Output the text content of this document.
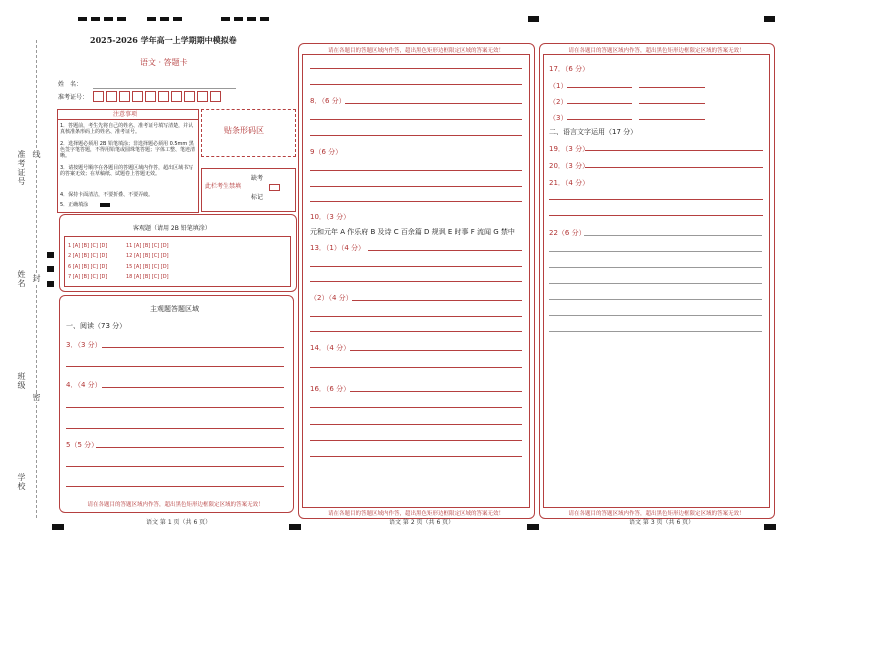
准考证号
姓名
班级
学校
线
封
密
2025-2026 学年高一上学期期中模拟卷
语文 · 答题卡
姓　名：
准考证号：
注意事项
1．答题前，考生先将自己的姓名、准考证号填写清楚，并认真核准条形码上的姓名、准考证号。
2．选择题必须用 2B 铅笔填涂；非选择题必须用 0.5mm 黑色签字笔答题，不得用铅笔或圆珠笔答题；字体工整、笔迹清晰。
3．请按题号顺序在各题目的答题区域内作答，超出区域书写的答案无效；在草稿纸、试题卷上答题无效。
4．保持卡面清洁，不要折叠、不要弄破。
5．正确填涂
贴条形码区
此栏考生禁填
缺考
标记
客观题（请用 2B 铅笔填涂）
1 [A] [B] [C] [D]	11 [A] [B] [C] [D]
2 [A] [B] [C] [D]	12 [A] [B] [C] [D]
6 [A] [B] [C] [D]	15 [A] [B] [C] [D]
7 [A] [B] [C] [D]	18 [A] [B] [C] [D]
主观题答题区域
一、阅读（73 分）
3．（3 分）
4．（4 分）
5（5 分）
请在各题目的答题区域内作答，超出黑色矩形边框限定区域的答案无效！
语文 第 1 页（共 6 页）
请在各题目的答题区域内作答，超出黑色矩形边框限定区域的答案无效！
8．（6 分）
9（6 分）
10．（3 分）
元和元年 A 作乐府 B 及诗 C 百余篇 D 规讽 E 时事 F 流闻 G 禁中
13．（1）（4 分）
（2）（4 分）
14．（4 分）
16．（6 分）
请在各题目的答题区域内作答，超出黑色矩形边框限定区域的答案无效！
语文 第 2 页（共 6 页）
请在各题目的答题区域内作答，超出黑色矩形边框限定区域的答案无效！
17．（6 分）
（1）
（2）
（3）
二、语言文字运用（17 分）
19．（3 分）
20．（3 分）
21．（4 分）
22（6 分）
请在各题目的答题区域内作答，超出黑色矩形边框限定区域的答案无效！
语文 第 3 页（共 6 页）
